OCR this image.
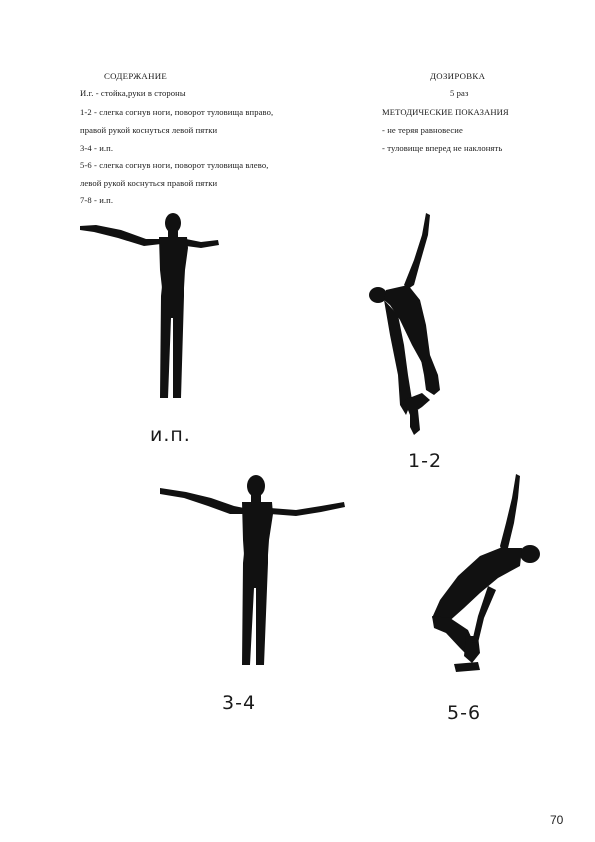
СОДЕРЖАНИЕ	ДОЗИРОВКА
И.г. - стойка,руки в стороны
1-2 - слегка согнув ноги, поворот туловища вправо,
правой рукой коснуться левой пятки
3-4 - и.п.
5-6 - слегка согнув ноги, поворот туловища влево,
левой рукой коснуться правой пятки
7-8 - и.п.
5 раз
МЕТОДИЧЕСКИЕ ПОКАЗАНИЯ
- не теряя равновесие
- туловище вперед не наклонять
и.п.
1-2
3-4	5-6
70
